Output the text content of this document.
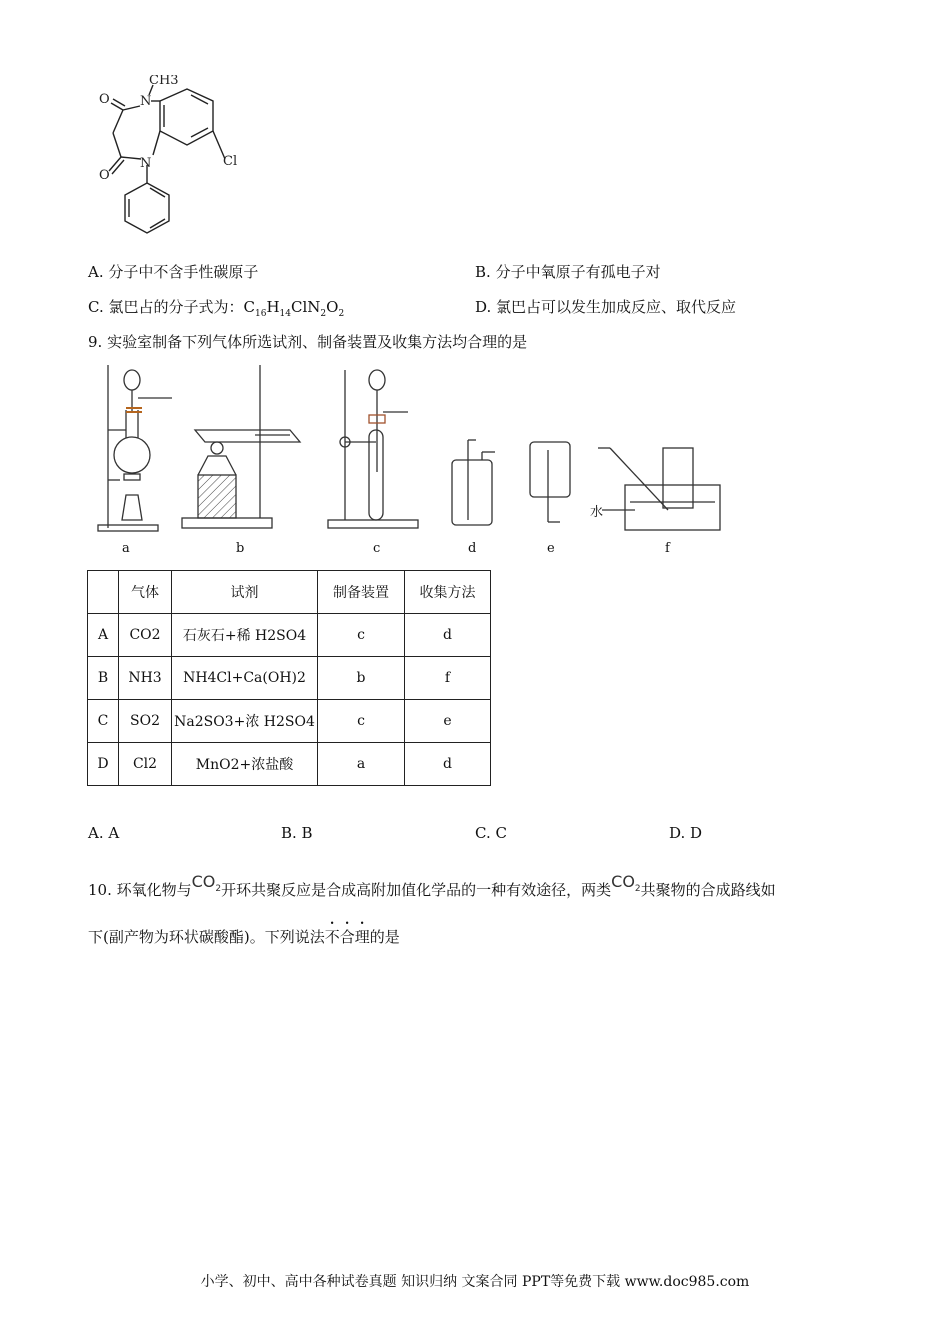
CH3
N
O
O
N	Cl
A. 分子中不含手性碳原子	B. 分子中氧原子有孤电子对
C. 氯巴占的分子式为：$C_{16}H_{14}ClN_2O_2$	D. 氯巴占可以发生加成反应、取代反应
9. 实验室制备下列气体所选试剂、制备装置及收集方法均合理的是
a	b	c	d	e	f
水
	气体	试剂	制备装置	收集方法
A	CO2	石灰石+稀 H2SO4	c	d
B	NH3	NH4Cl+Ca(OH)2	b	f
C	SO2	Na2SO3+浓 H2SO4	c	e
D	Cl2	MnO2+浓盐酸	a	d
A. A	B. B	C. C	D. D
10. 环氧化物与$CO_2$开环共聚反应是合成高附加值化学品的一种有效途径，两类$CO_2$共聚物的合成路线如
下(副产物为环状碳酸酯)。下列说法不合理的是
小学、初中、高中各种试卷真题 知识归纳 文案合同 PPT等免费下载 www.doc985.com
